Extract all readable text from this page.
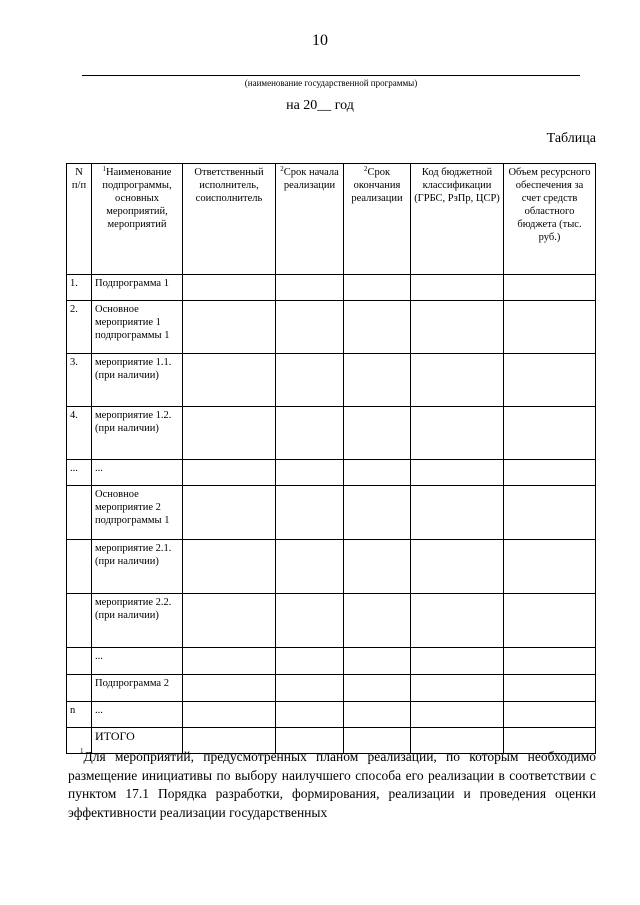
10
(наименование государственной программы)
на 20__ год
Таблица
N п/п	$^1$Наименование подпрограммы, основных мероприятий, мероприятий	Ответственный исполнитель, соисполнитель	$^2$Срок начала реализации	$^2$Срок окончания реализации	Код бюджетной классификации (ГРБС, РзПр, ЦСР)	Объем ресурсного обеспечения за счет средств областного бюджета (тыс. руб.)
1.	Подпрограмма 1					
2.	Основное мероприятие 1 подпрограммы 1					
3.	мероприятие 1.1. (при наличии)					
4.	мероприятие 1.2. (при наличии)					
...	...					
	Основное мероприятие 2 подпрограммы 1					
	мероприятие 2.1. (при наличии)					
	мероприятие 2.2. (при наличии)					
	...					
	Подпрограмма 2					
n	...					
	ИТОГО					
$^1$Для мероприятий, предусмотренных планом реализации, по которым необходимо размещение инициативы по выбору наилучшего способа его реализации в соответствии с пунктом 17.1 Порядка разработки, формирования, реализации и проведения оценки эффективности реализации государственных
